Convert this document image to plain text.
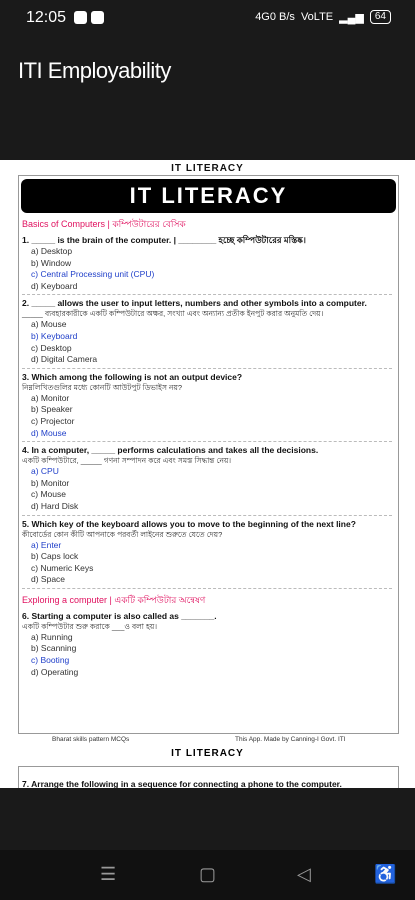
12:05	4G0 B/s VoLTE ▂▄▆	64
ITI Employability
IT LITERACY
IT LITERACY
Basics of Computers | কম্পিউটারের বেসিক
1. _____ is the brain of the computer. | ________ হচ্ছে কম্পিউটারের মস্তিষ্ক।
a) Desktop
b) Window
c) Central Processing unit (CPU)
d) Keyboard
2. _____ allows the user to input letters, numbers and other symbols into a computer.
_____ ব্যবহারকারীকে একটি কম্পিউটারে অক্ষর, সংখ্যা এবং অন্যান্য প্রতীক ইনপুট করার অনুমতি দেয়।
a) Mouse
b) Keyboard
c) Desktop
d) Digital Camera
3. Which among the following is not an output device?
নিম্নলিখিতগুলির মধ্যে কোনটি আউটপুট ডিভাইস নয়?
a) Monitor
b) Speaker
c) Projector
d) Mouse
4. In a computer, _____ performs calculations and takes all the decisions.
একটি কম্পিউটারে, _____ গণনা সম্পাদন করে এবং সমস্ত সিদ্ধান্ত নেয়।
a) CPU
b) Monitor
c) Mouse
d) Hard Disk
5. Which key of the keyboard allows you to move to the beginning of the next line?
কীবোর্ডের কোন কীটি আপনাকে পরবর্তী লাইনের শুরুতে যেতে দেয়?
a) Enter
b) Caps lock
c) Numeric Keys
d) Space
Exploring a computer | একটি কম্পিউটার অন্বেষণ
6. Starting a computer is also called as _______.
একটি কম্পিউটার শুরু করাকে ___ও বলা হয়।
a) Running
b) Scanning
c) Booting
d) Operating
Bharat skills pattern MCQs	This App. Made by Canning-I Govt. ITI
IT LITERACY
7. Arrange the following in a sequence for connecting a phone to the computer.
☰	▢	◁	♿
